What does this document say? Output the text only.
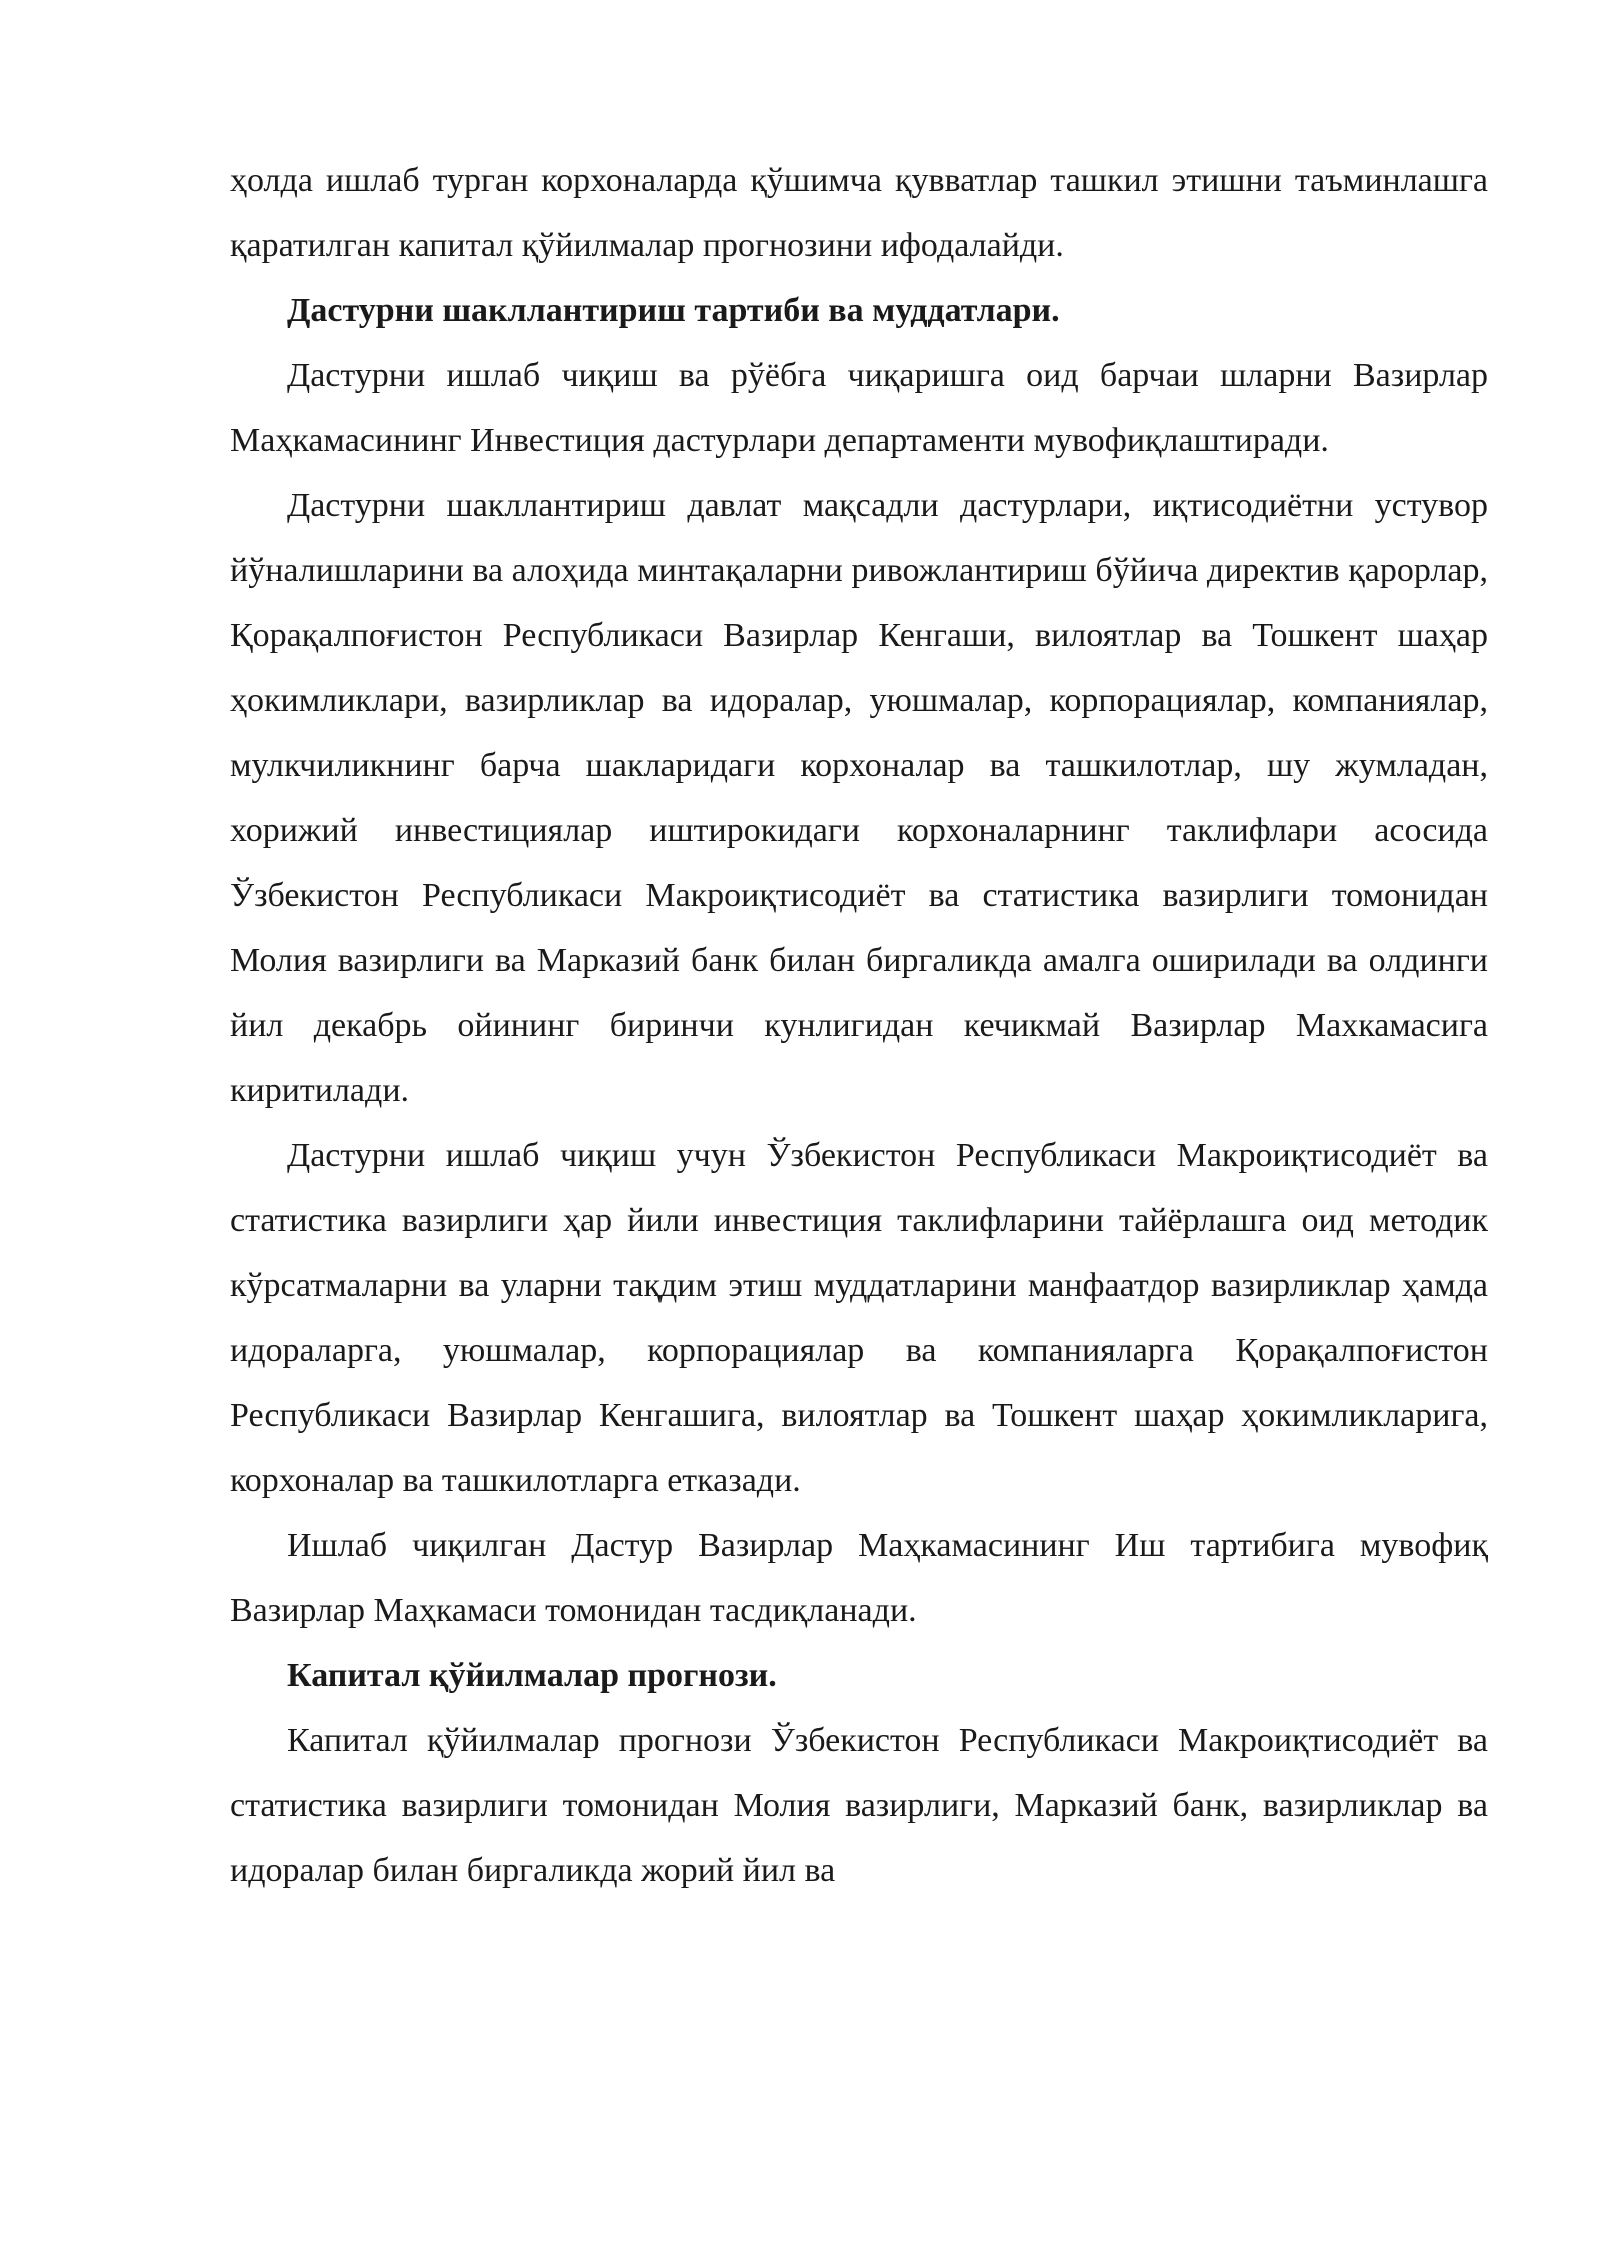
ҳолда ишлаб турган корхоналарда қўшимча қувватлар ташкил этишни таъминлашга қаратилган капитал қўйилмалар прогнозини ифодалайди.

Дастурни шакллантириш тартиби ва муддатлари.

Дастурни ишлаб чиқиш ва рўёбга чиқаришга оид барчаи шларни Вазирлар Маҳкамасининг Инвестиция дастурлари департаменти мувофиқлаштиради.

Дастурни шакллантириш давлат мақсадли дастурлари, иқтисодиётни устувор йўналишларини ва алоҳида минтақаларни ривожлантириш бўйича директив қарорлар, Қорақалпоғистон Республикаси Вазирлар Кенгаши, вилоятлар ва Тошкент шаҳар ҳокимликлари, вазирликлар ва идоралар, уюшмалар, корпорациялар, компаниялар, мулкчиликнинг барча шакларидаги корхоналар ва ташкилотлар, шу жумладан, хорижий инвестициялар иштирокидаги корхоналарнинг таклифлари асосида Ўзбекистон Республикаси Макроиқтисодиёт ва статистика вазирлиги томонидан Молия вазирлиги ва Марказий банк билан биргаликда амалга оширилади ва олдинги йил декабрь ойининг биринчи кунлигидан кечикмай Вазирлар Махкамасига киритилади.

Дастурни ишлаб чиқиш учун Ўзбекистон Республикаси Макроиқтисодиёт ва статистика вазирлиги ҳар йили инвестиция таклифларини тайёрлашга оид методик кўрсатмаларни ва уларни тақдим этиш муддатларини манфаатдор вазирликлар ҳамда идораларга, уюшмалар, корпорациялар ва компанияларга Қорақалпоғистон Республикаси Вазирлар Кенгашига, вилоятлар ва Тошкент шаҳар ҳокимликларига, корхоналар ва ташкилотларга етказади.

Ишлаб чиқилган Дастур Вазирлар Маҳкамасининг Иш тартибига мувофиқ Вазирлар Маҳкамаси томонидан тасдиқланади.

Капитал қўйилмалар прогнози.

Капитал қўйилмалар прогнози Ўзбекистон Республикаси Макроиқтисодиёт ва статистика вазирлиги томонидан Молия вазирлиги, Марказий банк, вазирликлар ва идоралар билан биргаликда жорий йил ва
